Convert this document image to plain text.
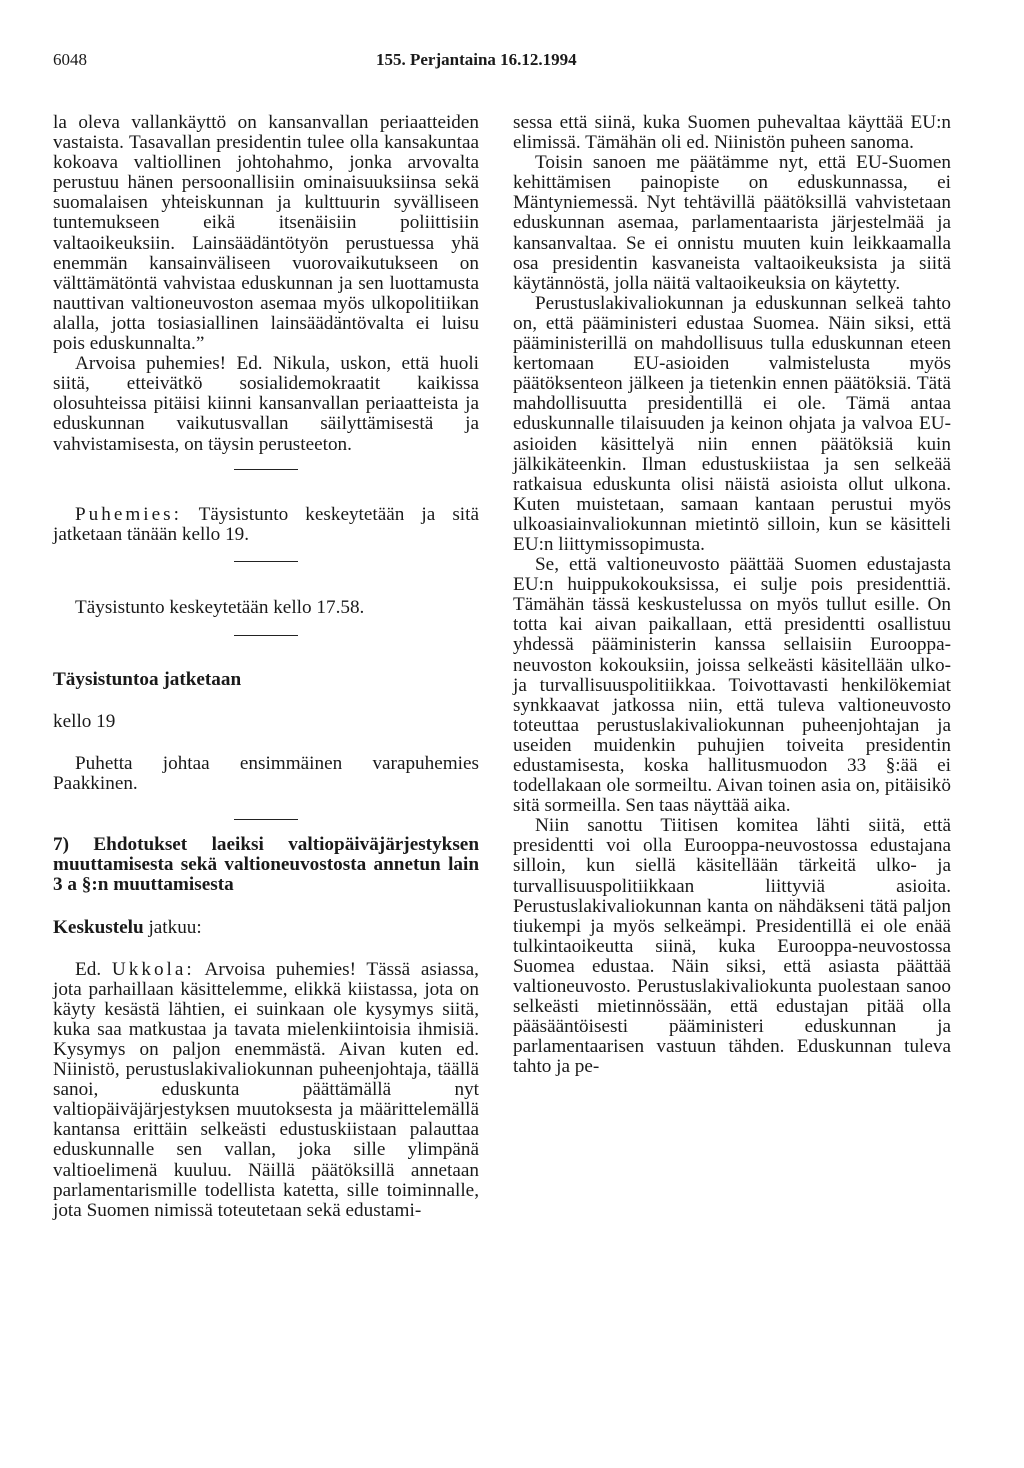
6048	155. Perjantaina 16.12.1994

la oleva vallankäyttö on kansanvallan periaatteiden vastaista. Tasavallan presidentin tulee olla kansakuntaa kokoava valtiollinen johtohahmo, jonka arvovalta perustuu hänen persoonallisiin ominaisuuksiinsa sekä suomalaisen yhteiskunnan ja kulttuurin syvälliseen tuntemukseen eikä itsenäisiin poliittisiin valtaoikeuksiin. Lainsäädäntötyön perustuessa yhä enemmän kansainväliseen vuorovaikutukseen on välttämätöntä vahvistaa eduskunnan ja sen luottamusta nauttivan valtioneuvoston asemaa myös ulkopolitiikan alalla, jotta tosiasiallinen lainsäädäntövalta ei luisu pois eduskunnalta.”

Arvoisa puhemies! Ed. Nikula, uskon, että huoli siitä, etteivätkö sosialidemokraatit kaikissa olosuhteissa pitäisi kiinni kansanvallan periaatteista ja eduskunnan vaikutusvallan säilyttämisestä ja vahvistamisesta, on täysin perusteeton.

Puhemies: Täysistunto keskeytetään ja sitä jatketaan tänään kello 19.

Täysistunto keskeytetään kello 17.58.

Täysistuntoa jatketaan

kello 19

Puhetta johtaa ensimmäinen varapuhemies Paakkinen.

7) Ehdotukset laeiksi valtiopäiväjärjestyksen muuttamisesta sekä valtioneuvostosta annetun lain 3 a §:n muuttamisesta

Keskustelu jatkuu:

Ed. Ukkola: Arvoisa puhemies! Tässä asiassa, jota parhaillaan käsittelemme, elikkä kiistassa, jota on käyty kesästä lähtien, ei suinkaan ole kysymys siitä, kuka saa matkustaa ja tavata mielenkiintoisia ihmisiä. Kysymys on paljon enemmästä. Aivan kuten ed. Niinistö, perustuslakivaliokunnan puheenjohtaja, täällä sanoi, eduskunta päättämällä nyt valtiopäiväjärjestyksen muutoksesta ja määrittelemällä kantansa erittäin selkeästi edustuskiistaan palauttaa eduskunnalle sen vallan, joka sille ylimpänä valtioelimenä kuuluu. Näillä päätöksillä annetaan parlamentarismille todellista katetta, sille toiminnalle, jota Suomen nimissä toteutetaan sekä edustami-

sessa että siinä, kuka Suomen puhevaltaa käyttää EU:n elimissä. Tämähän oli ed. Niinistön puheen sanoma.

Toisin sanoen me päätämme nyt, että EU-Suomen kehittämisen painopiste on eduskunnassa, ei Mäntyniemessä. Nyt tehtävillä päätöksillä vahvistetaan eduskunnan asemaa, parlamentaarista järjestelmää ja kansanvaltaa. Se ei onnistu muuten kuin leikkaamalla osa presidentin kasvaneista valtaoikeuksista ja siitä käytännöstä, jolla näitä valtaoikeuksia on käytetty.

Perustuslakivaliokunnan ja eduskunnan selkeä tahto on, että pääministeri edustaa Suomea. Näin siksi, että pääministerillä on mahdollisuus tulla eduskunnan eteen kertomaan EU-asioiden valmistelusta myös päätöksenteon jälkeen ja tietenkin ennen päätöksiä. Tätä mahdollisuutta presidentillä ei ole. Tämä antaa eduskunnalle tilaisuuden ja keinon ohjata ja valvoa EU-asioiden käsittelyä niin ennen päätöksiä kuin jälkikäteenkin. Ilman edustuskiistaa ja sen selkeää ratkaisua eduskunta olisi näistä asioista ollut ulkona. Kuten muistetaan, samaan kantaan perustui myös ulkoasiainvaliokunnan mietintö silloin, kun se käsitteli EU:n liittymissopimusta.

Se, että valtioneuvosto päättää Suomen edustajasta EU:n huippukokouksissa, ei sulje pois presidenttiä. Tämähän tässä keskustelussa on myös tullut esille. On totta kai aivan paikallaan, että presidentti osallistuu yhdessä pääministerin kanssa sellaisiin Eurooppa-neuvoston kokouksiin, joissa selkeästi käsitellään ulko- ja turvallisuuspolitiikkaa. Toivottavasti henkilökemiat synkkaavat jatkossa niin, että tuleva valtioneuvosto toteuttaa perustuslakivaliokunnan puheenjohtajan ja useiden muidenkin puhujien toiveita presidentin edustamisesta, koska hallitusmuodon 33 §:ää ei todellakaan ole sormeiltu. Aivan toinen asia on, pitäisikö sitä sormeilla. Sen taas näyttää aika.

Niin sanottu Tiitisen komitea lähti siitä, että presidentti voi olla Eurooppa-neuvostossa edustajana silloin, kun siellä käsitellään tärkeitä ulko- ja turvallisuuspolitiikkaan liittyviä asioita. Perustuslakivaliokunnan kanta on nähdäkseni tätä paljon tiukempi ja myös selkeämpi. Presidentillä ei ole enää tulkintaoikeutta siinä, kuka Eurooppa-neuvostossa Suomea edustaa. Näin siksi, että asiasta päättää valtioneuvosto. Perustuslakivaliokunta puolestaan sanoo selkeästi mietinnössään, että edustajan pitää olla pääsääntöisesti pääministeri eduskunnan ja parlamentaarisen vastuun tähden. Eduskunnan tuleva tahto ja pe-
